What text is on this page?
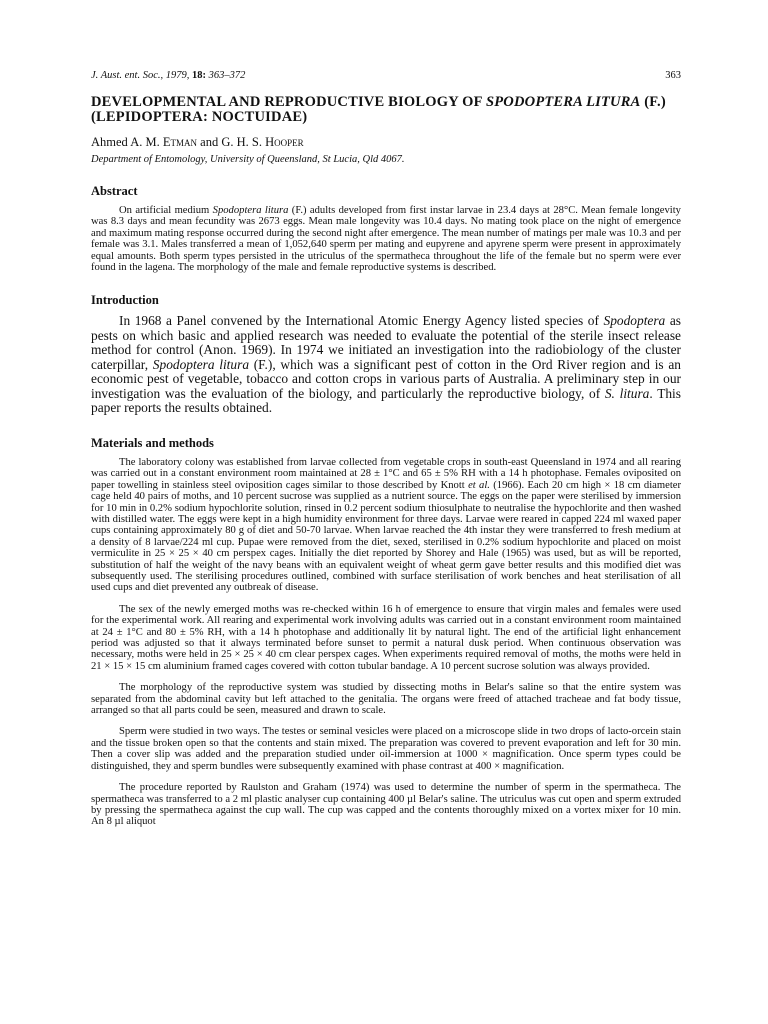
J. Aust. ent. Soc., 1979, 18: 363–372	363
DEVELOPMENTAL AND REPRODUCTIVE BIOLOGY OF SPODOPTERA LITURA (F.) (LEPIDOPTERA: NOCTUIDAE)
Ahmed A. M. Etman and G. H. S. Hooper
Department of Entomology, University of Queensland, St Lucia, Qld 4067.
Abstract

On artificial medium Spodoptera litura (F.) adults developed from first instar larvae in 23.4 days at 28°C. Mean female longevity was 8.3 days and mean fecundity was 2673 eggs. Mean male longevity was 10.4 days. No mating took place on the night of emergence and maximum mating response occurred during the second night after emergence. The mean number of matings per male was 10.3 and per female was 3.1. Males transferred a mean of 1,052,640 sperm per mating and eupyrene and apyrene sperm were present in approximately equal amounts. Both sperm types persisted in the utriculus of the spermatheca throughout the life of the female but no sperm were ever found in the lagena. The morphology of the male and female reproductive systems is described.

Introduction

In 1968 a Panel convened by the International Atomic Energy Agency listed species of Spodoptera as pests on which basic and applied research was needed to evaluate the potential of the sterile insect release method for control (Anon. 1969). In 1974 we initiated an investigation into the radiobiology of the cluster caterpillar, Spodoptera litura (F.), which was a significant pest of cotton in the Ord River region and is an economic pest of vegetable, tobacco and cotton crops in various parts of Australia. A preliminary step in our investigation was the evaluation of the biology, and particularly the reproductive biology, of S. litura. This paper reports the results obtained.

Materials and methods

The laboratory colony was established from larvae collected from vegetable crops in south-east Queensland in 1974 and all rearing was carried out in a constant environment room maintained at 28 ± 1°C and 65 ± 5% RH with a 14 h photophase. Females oviposited on paper towelling in stainless steel oviposition cages similar to those described by Knott et al. (1966). Each 20 cm high × 18 cm diameter cage held 40 pairs of moths, and 10 percent sucrose was supplied as a nutrient source. The eggs on the paper were sterilised by immersion for 10 min in 0.2% sodium hypochlorite solution, rinsed in 0.2 percent sodium thiosulphate to neutralise the hypochlorite and then washed with distilled water. The eggs were kept in a high humidity environment for three days. Larvae were reared in capped 224 ml waxed paper cups containing approximately 80 g of diet and 50-70 larvae. When larvae reached the 4th instar they were transferred to fresh medium at a density of 8 larvae/224 ml cup. Pupae were removed from the diet, sexed, sterilised in 0.2% sodium hypochlorite and placed on moist vermiculite in 25 × 25 × 40 cm perspex cages. Initially the diet reported by Shorey and Hale (1965) was used, but as will be reported, substitution of half the weight of the navy beans with an equivalent weight of wheat germ gave better results and this modified diet was subsequently used. The sterilising procedures outlined, combined with surface sterilisation of work benches and heat sterilisation of all used cups and diet prevented any outbreak of disease.

The sex of the newly emerged moths was re-checked within 16 h of emergence to ensure that virgin males and females were used for the experimental work. All rearing and experimental work involving adults was carried out in a constant environment room maintained at 24 ± 1°C and 80 ± 5% RH, with a 14 h photophase and additionally lit by natural light. The end of the artificial light enhancement period was adjusted so that it always terminated before sunset to permit a natural dusk period. When continuous observation was necessary, moths were held in 25 × 25 × 40 cm clear perspex cages. When experiments required removal of moths, the moths were held in 21 × 15 × 15 cm aluminium framed cages covered with cotton tubular bandage. A 10 percent sucrose solution was always provided.

The morphology of the reproductive system was studied by dissecting moths in Belar's saline so that the entire system was separated from the abdominal cavity but left attached to the genitalia. The organs were freed of attached tracheae and fat body tissue, arranged so that all parts could be seen, measured and drawn to scale.

Sperm were studied in two ways. The testes or seminal vesicles were placed on a microscope slide in two drops of lacto-orcein stain and the tissue broken open so that the contents and stain mixed. The preparation was covered to prevent evaporation and left for 30 min. Then a cover slip was added and the preparation studied under oil-immersion at 1000 × magnification. Once sperm types could be distinguished, they and sperm bundles were subsequently examined with phase contrast at 400 × magnification.

The procedure reported by Raulston and Graham (1974) was used to determine the number of sperm in the spermatheca. The spermatheca was transferred to a 2 ml plastic analyser cup containing 400 µl Belar's saline. The utriculus was cut open and sperm extruded by pressing the spermatheca against the cup wall. The cup was capped and the contents thoroughly mixed on a vortex mixer for 10 min. An 8 µl aliquot
